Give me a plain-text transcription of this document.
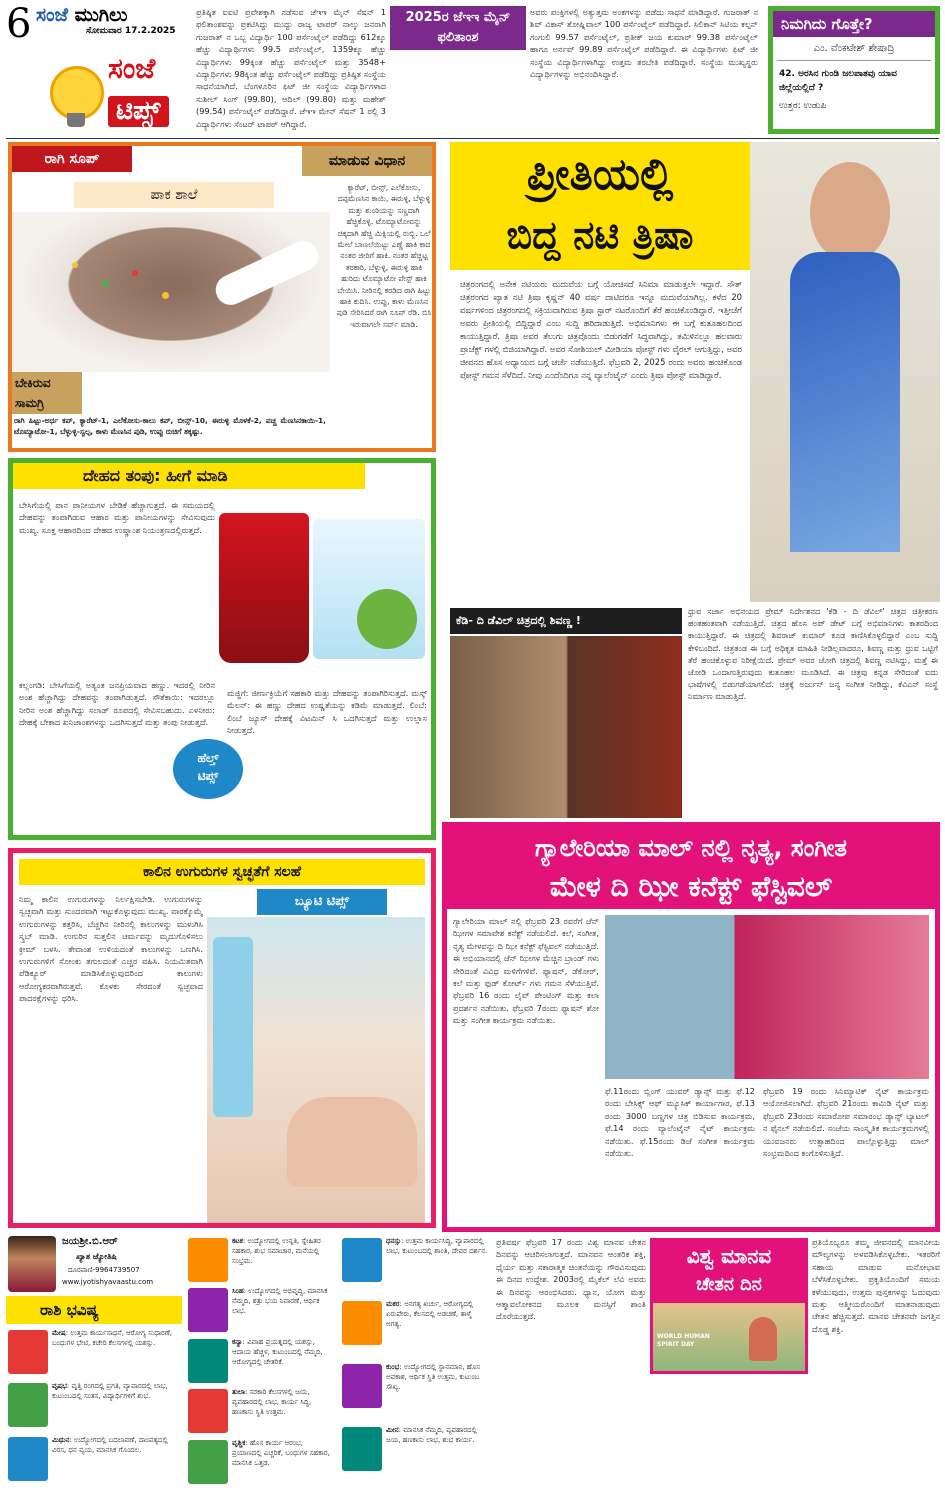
6 ಸಂಜೆ ಮುಗಿಲು
ಸೋಮವಾರ 17.2.2025
ಸಂಜೆ
ಟಿಪ್ಸ್
ಪ್ರತಿಷ್ಠಿತ ಐಐಟಿ ಪ್ರವೇಶಕ್ಕಾಗಿ ನಡೆಸುವ ಜೆಇಇ ಮೈನ್ ಸೆಷನ್ 1 ಫಲಿತಾಂಶವನ್ನು ಪ್ರಕಟಿಸಿದ್ದು ಮುದ್ದು ರಾಜ್ಯ ಟಾಪರ್ ನಾಲ್ಕು ಜನರಾಗಿ ಗುಜರಾತ್ ನ ಒಬ್ಬ ವಿದ್ಯಾರ್ಥಿ 100 ಪರ್ಸೆಂಟೈಲ್ ಪಡೆದಿದ್ದು 612ಕ್ಕೂ ಹೆಚ್ಚು ವಿದ್ಯಾರ್ಥಿಗಳು 99.5 ಪರ್ಸೆಂಟೈಲ್, 1359ಕ್ಕೂ ಹೆಚ್ಚು ವಿದ್ಯಾರ್ಥಿಗಳು 99ಕ್ಕಿಂತ ಹೆಚ್ಚು ಪರ್ಸೆಂಟೈಲ್ ಮತ್ತು 3548+ ವಿದ್ಯಾರ್ಥಿಗಳು 98ಕ್ಕಿಂತ ಹೆಚ್ಚು ಪರ್ಸೆಂಟೈಲ್ ಪಡೆದಿದ್ದು ಪ್ರತಿಷ್ಠಿತ ಸಂಸ್ಥೆಯ ಸಾಧನೆಯಾಗಿದೆ. ಬೆಂಗಳೂರಿನ ಫಿಟ್ ಜೀ ಸಂಸ್ಥೆಯ ವಿದ್ಯಾರ್ಥಿಗಳಾದ ಸುಶೀಲ್ ಸಿಂಗ್ (99.80), ಆದಿಲ್ (99.80) ಮತ್ತು ಮಹೇಶ್ (99.54) ಪರ್ಸೆಂಟೈಲ್ ಪಡೆದಿದ್ದಾರೆ. ಜೆಇಇ ಮೇನ್ ಸೆಷನ್ 1 ರಲ್ಲಿ 3 ವಿದ್ಯಾರ್ಥಿಗಳು ಸೆಂಟರ್ ಟಾಪರ್ ಆಗಿದ್ದಾರೆ.
2025ರ ಜೆಇಇ ಮೈನ್ ಫಲಿತಾಂಶ
ಅವರು ಪಂಕ್ತಿಗಳಲ್ಲಿ ಅತ್ಯುತ್ತಮ ಅಂಕಗಳನ್ನು ಪಡೆದು ಸಾಧನೆ ಮಾಡಿದ್ದಾರೆ. ಗುಜರಾತ್ ನ ಶಿವ್ ವಿಕಾಸ್ ತೋಷ್ನಿವಾಲ್ 100 ಪರ್ಸೆಂಟೈಲ್ ಪಡೆದಿದ್ದಾರೆ. ಸಿಲಿಕಾನ್ ಸಿಟಿಯ ಕಲ್ಪನ್ ಗಂಗುಲಿ 99.57 ಪರ್ಸೆಂಟೈಲ್, ಪ್ರತೀಕ್ ಜಯ ಕುಮಾರ್ 99.38 ಪರ್ಸೆಂಟೈಲ್ ಹಾಗೂ ಅರ್ನವ್ 99.89 ಪರ್ಸೆಂಟೈಲ್ ಪಡೆದಿದ್ದಾರೆ. ಈ ವಿದ್ಯಾರ್ಥಿಗಳು ಫಿಟ್ ಜೀ ಸಂಸ್ಥೆಯ ವಿದ್ಯಾರ್ಥಿಗಳಾಗಿದ್ದು ಉತ್ತಮ ತರಬೇತಿ ಪಡೆದಿದ್ದಾರೆ. ಸಂಸ್ಥೆಯ ಮುಖ್ಯಸ್ಥರು ವಿದ್ಯಾರ್ಥಿಗಳನ್ನು ಅಭಿನಂದಿಸಿದ್ದಾರೆ.
ನಿಮಗಿದು ಗೊತ್ತೇ?
ಎಂ. ವೆಂಕಟೇಶ್ ಶೇಷಾದ್ರಿ
42. ಅರಸಿನ ಗುಂಡಿ ಜಲಪಾತವು ಯಾವ ಜಿಲ್ಲೆಯಲ್ಲಿದೆ ?
ಉತ್ತರ: ಉಡುಪಿ
ರಾಗಿ ಸೂಪ್	ಮಾಡುವ ವಿಧಾನ
ಪಾಕ ಶಾಲೆ
ಬೇಕಿರುವ ಸಾಮಗ್ರಿ
ರಾಗಿ ಹಿಟ್ಟು-ಅರ್ಧ ಕಪ್, ಕ್ಯಾರೆಟ್-1, ಎಲೆಕೋಸು-ಕಾಲು ಕಪ್, ಬೀನ್ಸ್-10, ಈರುಳ್ಳಿ ಮೊಳಕೆ-2, ಪಚ್ಚ ಮೆಣಸಿನಕಾಯಿ-1, ಟೊಮ್ಯಾಟೋ-1, ಬೆಳ್ಳುಳ್ಳಿ-ಸ್ವಲ್ಪ, ಕಾಳು ಮೆಣಸಿನ ಪುಡಿ, ಉಪ್ಪು ರುಚಿಗೆ ತಕ್ಕಷ್ಟು.
ಕ್ಯಾರೆಟ್, ಬೀನ್ಸ್, ಎಲೆಕೋಸು, ದಪ್ಪಮೆಣಸಿನ ಕಾಯಿ, ಈರುಳ್ಳಿ, ಬೆಳ್ಳುಳ್ಳಿ ಮತ್ತು ಶುಂಠಿಯನ್ನು ಸಣ್ಣದಾಗಿ ಹೆಚ್ಚಿಕೊಳ್ಳಿ. ಟೊಮ್ಯಾಟೋವನ್ನು ಚಿಕ್ಕದಾಗಿ ಹೆಚ್ಚಿ ಮಿಕ್ಸಿಯಲ್ಲಿ ರುಬ್ಬಿ. ಒಲೆ ಮೇಲೆ ಬಾಣಲೆಯಿಟ್ಟು ಎಣ್ಣೆ ಹಾಕಿ ಕಾದ ನಂತರ ಜೀರಿಗೆ ಹಾಕಿ. ನಂತರ ಹೆಚ್ಚಿಟ್ಟ ತರಕಾರಿ, ಬೆಳ್ಳುಳ್ಳಿ, ಈರುಳ್ಳಿ ಹಾಕಿ ಹುರಿದು ಟೊಮ್ಯಾಟೋ ಪೇಸ್ಟ್ ಹಾಕಿ ಬೇಯಿಸಿ. ನೀರಿನಲ್ಲಿ ಕರಡಿದ ರಾಗಿ ಹಿಟ್ಟು ಹಾಕಿ ಕುದಿಸಿ. ಉಪ್ಪು, ಕಾಳು ಮೆಣಸಿನ ಪುಡಿ ಸೇರಿಸಿದರೆ ರಾಗಿ ಸೂಪ್ ರೆಡಿ. ಬಿಸಿ ಇರುವಾಗಲೇ ಸರ್ವ್ ಮಾಡಿ.
ದೇಹದ ತಂಪು: ಹೀಗೆ ಮಾಡಿ
ಬೇಸಿಗೆಯಲ್ಲಿ ಪಾನ ಪಾನೀಯಗಳ ಬೇಡಿಕೆ ಹೆಚ್ಚಾಗುತ್ತದೆ. ಈ ಸಮಯದಲ್ಲಿ ದೇಹವನ್ನು ತಂಪಾಗಿಡುವ ಆಹಾರ ಮತ್ತು ಪಾನೀಯಗಳನ್ನು ಸೇವಿಸುವುದು ಮುಖ್ಯ. ಸೂಕ್ತ ಆಹಾರದಿಂದ ದೇಹದ ಉಷ್ಣಾಂಶ ನಿಯಂತ್ರಣದಲ್ಲಿರುತ್ತದೆ.
ಕಲ್ಲಂಗಡಿ: ಬೇಸಿಗೆಯಲ್ಲಿ ಅತ್ಯಂತ ಜನಪ್ರಿಯವಾದ ಹಣ್ಣು. ಇದರಲ್ಲಿ ನೀರಿನ ಅಂಶ ಹೆಚ್ಚಾಗಿದ್ದು ದೇಹವನ್ನು ತಂಪಾಗಿಡುತ್ತದೆ. ಸೌತೆಕಾಯಿ: ಇದರಲ್ಲೂ ನೀರಿನ ಅಂಶ ಹೆಚ್ಚಾಗಿದ್ದು ಸಲಾಡ್ ರೂಪದಲ್ಲಿ ಸೇವಿಸಬಹುದು. ಎಳನೀರು: ದೇಹಕ್ಕೆ ಬೇಕಾದ ಖನಿಜಾಂಶಗಳನ್ನು ಒದಗಿಸುತ್ತದೆ ಮತ್ತು ತಂಪು ನೀಡುತ್ತದೆ.
ಹೆಲ್ತ್
ಟಿಪ್ಸ್
ಮಜ್ಜಿಗೆ: ಜೀರ್ಣಕ್ರಿಯೆಗೆ ಸಹಕಾರಿ ಮತ್ತು ದೇಹವನ್ನು ತಂಪಾಗಿರಿಸುತ್ತದೆ. ಮಸ್ಕ್ ಮೆಲನ್: ಈ ಹಣ್ಣು ದೇಹದ ಉಷ್ಣತೆಯನ್ನು ಕಡಿಮೆ ಮಾಡುತ್ತದೆ. ಲಿಂಬೆ: ಲಿಂಬೆ ಜ್ಯೂಸ್ ದೇಹಕ್ಕೆ ವಿಟಮಿನ್ ಸಿ ಒದಗಿಸುತ್ತದೆ ಮತ್ತು ಉಲ್ಲಾಸ ನೀಡುತ್ತದೆ.
ಕಾಲಿನ ಉಗುರುಗಳ ಸ್ವಚ್ಛತೆಗೆ ಸಲಹೆ
ನಿಮ್ಮ ಕಾಲಿನ ಉಗುರುಗಳನ್ನು ನಿರ್ಲಕ್ಷಿಸಬೇಡಿ. ಉಗುರುಗಳನ್ನು ಸ್ವಚ್ಛವಾಗಿ ಮತ್ತು ಸುಂದರವಾಗಿ ಇಟ್ಟುಕೊಳ್ಳುವುದು ಮುಖ್ಯ. ವಾರಕ್ಕೊಮ್ಮೆ ಉಗುರುಗಳನ್ನು ಕತ್ತರಿಸಿ, ಬೆಚ್ಚಗಿನ ನೀರಿನಲ್ಲಿ ಕಾಲುಗಳನ್ನು ಮುಳುಗಿಸಿ ಸ್ಕ್ರಬ್ ಮಾಡಿ. ಉಗುರಿನ ಸುತ್ತಲಿನ ಚರ್ಮವನ್ನು ಮೃದುಗೊಳಿಸಲು ಕ್ರೀಮ್ ಬಳಸಿ. ತೇವಾಂಶ ಉಳಿಯದಂತೆ ಕಾಲುಗಳನ್ನು ಒಣಗಿಸಿ. ಉಗುರುಗಳಿಗೆ ಸೋಂಕು ತಗುಲದಂತೆ ಎಚ್ಚರ ವಹಿಸಿ. ನಿಯಮಿತವಾಗಿ ಪೆಡಿಕ್ಯೂರ್ ಮಾಡಿಸಿಕೊಳ್ಳುವುದರಿಂದ ಕಾಲುಗಳು ಆರೋಗ್ಯಕರವಾಗಿರುತ್ತವೆ. ಕೊಳಕು ಸೇರದಂತೆ ಸ್ವಚ್ಛವಾದ ಪಾದರಕ್ಷೆಗಳನ್ನು ಧರಿಸಿ.
ಬ್ಯೂಟಿ ಟಿಪ್ಸ್
ಪ್ರೀತಿಯಲ್ಲಿ
ಬಿದ್ದ ನಟಿ ತ್ರಿಷಾ
ಚಿತ್ರರಂಗದಲ್ಲಿ ಅನೇಕ ನಟಿಯರು ಮದುವೆಯ ಬಗ್ಗೆ ಯೋಚಿಸದೆ ಸಿನಿಮಾ ಮಾಡುತ್ತಲೇ ಇದ್ದಾರೆ. ಸೌತ್ ಚಿತ್ರರಂಗದ ಖ್ಯಾತ ನಟಿ ತ್ರಿಷಾ ಕೃಷ್ಣನ್ 40 ವರ್ಷ ದಾಟಿದರೂ ಇನ್ನೂ ಮದುವೆಯಾಗಿಲ್ಲ. ಕಳೆದ 20 ವರ್ಷಗಳಿಂದ ಚಿತ್ರರಂಗದಲ್ಲಿ ಸಕ್ರಿಯವಾಗಿರುವ ತ್ರಿಷಾ ಸ್ಟಾರ್ ನಟರೊಂದಿಗೆ ತೆರೆ ಹಂಚಿಕೊಂಡಿದ್ದಾರೆ. ಇತ್ತೀಚೆಗೆ ಅವರು ಪ್ರೀತಿಯಲ್ಲಿ ಬಿದ್ದಿದ್ದಾರೆ ಎಂಬ ಸುದ್ದಿ ಹರಿದಾಡುತ್ತಿದೆ. ಅಭಿಮಾನಿಗಳು ಈ ಬಗ್ಗೆ ಕುತೂಹಲದಿಂದ ಕಾಯುತ್ತಿದ್ದಾರೆ. ತ್ರಿಷಾ ಅವರ ತೆಲುಗು ಚಿತ್ರವೊಂದು ಬಿಡುಗಡೆಗೆ ಸಿದ್ಧವಾಗಿದ್ದು, ತಮಿಳಿನಲ್ಲೂ ಹಲವಾರು ಪ್ರಾಜೆಕ್ಟ್ ಗಳಲ್ಲಿ ಬಿಜಿಯಾಗಿದ್ದಾರೆ. ಅವರ ಸೋಶಿಯಲ್ ಮೀಡಿಯಾ ಪೋಸ್ಟ್ ಗಳು ವೈರಲ್ ಆಗುತ್ತಿದ್ದು, ಅವರ ಜೀವನದ ಹೊಸ ಅಧ್ಯಾಯದ ಬಗ್ಗೆ ಚರ್ಚೆ ನಡೆಯುತ್ತಿದೆ. ಫೆಬ್ರವರಿ 2, 2025 ರಂದು ಅವರು ಹಂಚಿಕೊಂಡ ಪೋಸ್ಟ್ ಗಮನ ಸೆಳೆದಿದೆ. ನೀವು ಎಂದೆಂದಿಗೂ ನನ್ನ ವ್ಯಾಲೆಂಟೈನ್ ಎಂದು ತ್ರಿಷಾ ಪೋಸ್ಟ್ ಮಾಡಿದ್ದಾರೆ.
ಕೆಡಿ- ದಿ ಡೆವಿಲ್ ಚಿತ್ರದಲ್ಲಿ ಶಿವಣ್ಣ !
ಧ್ರುವ ಸರ್ಜಾ ಅಭಿನಯದ ಪ್ರೇಮ್ ನಿರ್ದೇಶನದ 'ಕೆಡಿ - ದಿ ಡೆವಿಲ್' ಚಿತ್ರದ ಚಿತ್ರೀಕರಣ ಹಂತಹಂತವಾಗಿ ನಡೆಯುತ್ತಿದೆ. ಚಿತ್ರದ ಹೊಸ ಅಪ್ ಡೇಟ್ ಬಗ್ಗೆ ಅಭಿಮಾನಿಗಳು ಕಾತರದಿಂದ ಕಾಯುತ್ತಿದ್ದಾರೆ. ಈ ಚಿತ್ರದಲ್ಲಿ ಶಿವರಾಜ್ ಕುಮಾರ್ ಕೂಡ ಕಾಣಿಸಿಕೊಳ್ಳಲಿದ್ದಾರೆ ಎಂಬ ಸುದ್ದಿ ಕೇಳಿಬಂದಿದೆ. ಚಿತ್ರತಂಡ ಈ ಬಗ್ಗೆ ಅಧಿಕೃತ ಮಾಹಿತಿ ನೀಡಿಲ್ಲವಾದರೂ, ಶಿವಣ್ಣ ಮತ್ತು ಧ್ರುವ ಒಟ್ಟಿಗೆ ತೆರೆ ಹಂಚಿಕೊಳ್ಳುವ ನಿರೀಕ್ಷೆಯಿದೆ. ಪ್ರೇಮ್ ಅವರ ಜೋಗಿ ಚಿತ್ರದಲ್ಲಿ ಶಿವಣ್ಣ ನಟಿಸಿದ್ದು, ಮತ್ತೆ ಈ ಜೋಡಿ ಒಂದಾಗುತ್ತಿರುವುದು ಕುತೂಹಲ ಮೂಡಿಸಿದೆ. ಈ ಚಿತ್ರವು ಕನ್ನಡ ಸೇರಿದಂತೆ ಐದು ಭಾಷೆಗಳಲ್ಲಿ ಬಿಡುಗಡೆಯಾಗಲಿದೆ. ಚಿತ್ರಕ್ಕೆ ಅರ್ಜುನ್ ಜನ್ಯ ಸಂಗೀತ ನೀಡಿದ್ದು, ಕೆವಿಎನ್ ಸಂಸ್ಥೆ ನಿರ್ಮಾಣ ಮಾಡುತ್ತಿದೆ.
ಗ್ಯಾಲೇರಿಯಾ ಮಾಲ್ ನಲ್ಲಿ ನೃತ್ಯ, ಸಂಗೀತ
ಮೇಳ ದಿ ಝೀ ಕನೆಕ್ಟ್ ಫೆಸ್ಟಿವಲ್
ಗ್ಯಾಲೇರಿಯಾ ಮಾಲ್ ನಲ್ಲಿ ಫೆಬ್ರವರಿ 23 ರವರೆಗೆ ಜೆನ್ ಝೀಗಳ ಸಮಾವೇಶ ಕನೆಕ್ಟ್ ನಡೆಯಲಿದೆ. ಕಲೆ, ಸಂಗೀತ, ನೃತ್ಯ ಮೇಳವನ್ನು ದಿ ಝೀ ಕನೆಕ್ಟ್ ಫೆಸ್ಟಿವಲ್ ನಡೆಯುತ್ತಿದೆ. ಈ ಅಭಿಯಾನದಲ್ಲಿ ಜೆನ್ ಝೀಗಳ ಮೆಚ್ಚಿನ ಬ್ರಾಂಡ್ ಗಳು ಸೇರಿದಂತೆ ವಿವಿಧ ಮಳಿಗೆಗಳಿವೆ. ಫ್ಯಾಷನ್, ಡೆಕೋರ್, ಕಲೆ ಮತ್ತು ಫುಡ್ ಕೋರ್ಟ್ ಗಳು ಗಮನ ಸೆಳೆಯುತ್ತಿವೆ. ಫೆಬ್ರವರಿ 16 ರಂದು ಲೈವ್ ಪೇಂಟಿಂಗ್ ಮತ್ತು ಕಲಾ ಪ್ರದರ್ಶನ ನಡೆಯಿತು. ಫೆಬ್ರವರಿ 7ರಂದು ಫ್ಯಾಷನ್ ಶೋ ಮತ್ತು ಸಂಗೀತ ಕಾರ್ಯಕ್ರಮ ನಡೆಯಿತು.
ಫೆ.11ರಂದು ಬ್ಲಿಂಗ್ ಯುವರ್ ಡ್ಯಾನ್ಸ್ ಮತ್ತು ಫೆ.12 ರಂದು ಬೇಸಿಕ್ಸ್ ಆಫ್ ಮ್ಯೂಸಿಕ್ ಕಾರ್ಯಾಗಾರ, ಫೆ.13 ರಂದು 3000 ಬಣ್ಣಗಳ ಚಿತ್ರ ಬಿಡಿಸುವ ಕಾರ್ಯಕ್ರಮ, ಫೆ.14 ರಂದು ವ್ಯಾಲೆಂಟೈನ್ ನೈಟ್ ಕಾರ್ಯಕ್ರಮ ನಡೆಯಿತು. ಫೆ.15ರಂದು ಡಿಜೆ ಸಂಗೀತ ಕಾರ್ಯಕ್ರಮ ನಡೆಯಿತು.
ಫೆಬ್ರವರಿ 19 ರಂದು ಸಿನಿಮ್ಯಾಟಿಕ್ ನೈಟ್ ಕಾರ್ಯಕ್ರಮ ಆಯೋಜಿಸಲಾಗಿದೆ. ಫೆಬ್ರವರಿ 21ರಂದು ಕಾಮಿಡಿ ನೈಟ್ ಮತ್ತು ಫೆಬ್ರವರಿ 23ರಂದು ಸಮಾರೋಪ ಸಮಾರಂಭ ಡ್ಯಾನ್ಸ್ ಬ್ಯಾಟಲ್ ನ ಫೈನಲ್ ನಡೆಯಲಿದೆ. ಸಂಜೆಯ ಸಾಂಸ್ಕೃತಿಕ ಕಾರ್ಯಕ್ರಮಗಳಲ್ಲಿ ಯುವಜನರು ಉತ್ಸಾಹದಿಂದ ಪಾಲ್ಗೊಳ್ಳುತ್ತಿದ್ದು ಮಾಲ್ ಸಂಭ್ರಮದಿಂದ ಕಂಗೊಳಿಸುತ್ತಿದೆ.
ಜಯಶ್ರೀ.ಬಿ.ಆರ್
ಖ್ಯಾತ ಜ್ಯೋತಿಷಿ
ದೂರವಾಣಿ-9964739507
www.jyotishyavaastu.com
ರಾಶಿ ಭವಿಷ್ಯ
ಮೇಷ: ಉತ್ತಮ ಕಾರ್ಯಸಾಧನೆ, ಆರೋಗ್ಯ ಸುಧಾರಣೆ, ಬಂಧುಗಳ ಭೇಟಿ, ಕಚೇರಿ ಕೆಲಸಗಳಲ್ಲಿ ಯಶಸ್ಸು.
ವೃಷಭ: ವೃತ್ತಿ ರಂಗದಲ್ಲಿ ಪ್ರಗತಿ, ವ್ಯಾಪಾರದಲ್ಲಿ ಲಾಭ, ಕುಟುಂಬದಲ್ಲಿ ಸಂತಸ, ವಿದ್ಯಾರ್ಥಿಗಳಿಗೆ ಶುಭ.
ಮಿಥುನ: ಉದ್ಯೋಗದಲ್ಲಿ ಬದಲಾವಣೆ, ದಾಂಪತ್ಯದಲ್ಲಿ ವಿರಸ, ಧನ ವ್ಯಯ, ಮಾನಸಿಕ ಗೊಂದಲ.
ಕಟಕ: ಉದ್ಯೋಗದಲ್ಲಿ ಉನ್ನತಿ, ಸ್ನೇಹಿತರ ಸಹಕಾರ, ಶುಭ ಸಮಾಚಾರ, ಮನೆಯಲ್ಲಿ ಸಂಭ್ರಮ.
ಸಿಂಹ: ಉದ್ಯೋಗದಲ್ಲಿ ಅಭಿವೃದ್ಧಿ, ಮಾನಸಿಕ ನೆಮ್ಮದಿ, ಶತ್ರು ಭಯ ನಿವಾರಣೆ, ಆರ್ಥಿಕ ಲಾಭ.
ಕನ್ಯಾ: ವಿವಾಹ ಪ್ರಯತ್ನದಲ್ಲಿ ಯಶಸ್ಸು, ಆದಾಯ ಹೆಚ್ಚಳ, ಕುಟುಂಬದಲ್ಲಿ ನೆಮ್ಮದಿ, ಆರೋಗ್ಯದಲ್ಲಿ ಚೇತರಿಕೆ.
ತುಲಾ: ಸರಕಾರಿ ಕೆಲಸಗಳಲ್ಲಿ ಜಯ, ವ್ಯವಹಾರದಲ್ಲಿ ಲಾಭ, ಕಾರ್ಯ ಸಿದ್ಧಿ, ಹಣಕಾಸು ಸ್ಥಿತಿ ಉತ್ತಮ.
ವೃಶ್ಚಿಕ: ಹೊಸ ಕಾರ್ಯ ಆರಂಭ, ಪ್ರಯಾಣದಲ್ಲಿ ಎಚ್ಚರಿಕೆ, ಬಂಧುಗಳ ಸಹಕಾರ, ಮಾನಸಿಕ ಒತ್ತಡ.
ಧನಸ್ಸು: ಉತ್ತಮ ಕಾರ್ಯಸಿದ್ಧಿ, ವ್ಯಾಪಾರದಲ್ಲಿ ಲಾಭ, ಕುಟುಂಬದಲ್ಲಿ ಶಾಂತಿ, ದೇವರ ದರ್ಶನ.
ಮಕರ: ಅನಗತ್ಯ ಖರ್ಚು, ಆರೋಗ್ಯದಲ್ಲಿ ಏರುಪೇರು, ಕೆಲಸದಲ್ಲಿ ಅಡಚಣೆ, ತಾಳ್ಮೆ ಅಗತ್ಯ.
ಕುಂಭ: ಉದ್ಯೋಗದಲ್ಲಿ ಸ್ಥಾನಮಾನ, ಹೊಸ ಅವಕಾಶ, ಆರ್ಥಿಕ ಸ್ಥಿತಿ ಉತ್ತಮ, ಕುಟುಂಬ ಸೌಖ್ಯ.
ಮೀನ: ಮಾನಸಿಕ ನೆಮ್ಮದಿ, ವ್ಯವಹಾರದಲ್ಲಿ ಜಯ, ಹಣಕಾಸು ಲಾಭ, ಶುಭ ಕಾರ್ಯ.
ಪ್ರತಿವರ್ಷ ಫೆಬ್ರವರಿ 17 ರಂದು ವಿಶ್ವ ಮಾನವ ಚೇತನ ದಿನವನ್ನು ಆಚರಿಸಲಾಗುತ್ತದೆ. ಮಾನವನ ಆಂತರಿಕ ಶಕ್ತಿ, ಧೈರ್ಯ ಮತ್ತು ಸಕಾರಾತ್ಮಕ ಚಿಂತನೆಯನ್ನು ಗೌರವಿಸುವುದು ಈ ದಿನದ ಉದ್ದೇಶ. 2003ರಲ್ಲಿ ಮೈಕೆಲ್ ಲೆವಿ ಅವರು ಈ ದಿನವನ್ನು ಆರಂಭಿಸಿದರು. ಧ್ಯಾನ, ಯೋಗ ಮತ್ತು ಆತ್ಮಾವಲೋಕನದ ಮೂಲಕ ಮನಸ್ಸಿಗೆ ಶಾಂತಿ ದೊರೆಯುತ್ತದೆ.
ವಿಶ್ವ ಮಾನವ
ಚೇತನ ದಿನ
WORLD HUMAN SPIRIT DAY
ಪ್ರತಿಯೊಬ್ಬರೂ ತಮ್ಮ ಜೀವನದಲ್ಲಿ ಮಾನವೀಯ ಮೌಲ್ಯಗಳನ್ನು ಅಳವಡಿಸಿಕೊಳ್ಳಬೇಕು. ಇತರರಿಗೆ ಸಹಾಯ ಮಾಡುವ ಮನೋಭಾವ ಬೆಳೆಸಿಕೊಳ್ಳಬೇಕು. ಪ್ರಕೃತಿಯೊಂದಿಗೆ ಸಮಯ ಕಳೆಯುವುದು, ಉತ್ತಮ ಪುಸ್ತಕಗಳನ್ನು ಓದುವುದು ಮತ್ತು ಆತ್ಮೀಯರೊಂದಿಗೆ ಮಾತನಾಡುವುದು ಚೇತನ ಹೆಚ್ಚಿಸುತ್ತದೆ. ಮಾನವ ಚೇತನವೇ ಜಗತ್ತಿನ ದೊಡ್ಡ ಶಕ್ತಿ.
